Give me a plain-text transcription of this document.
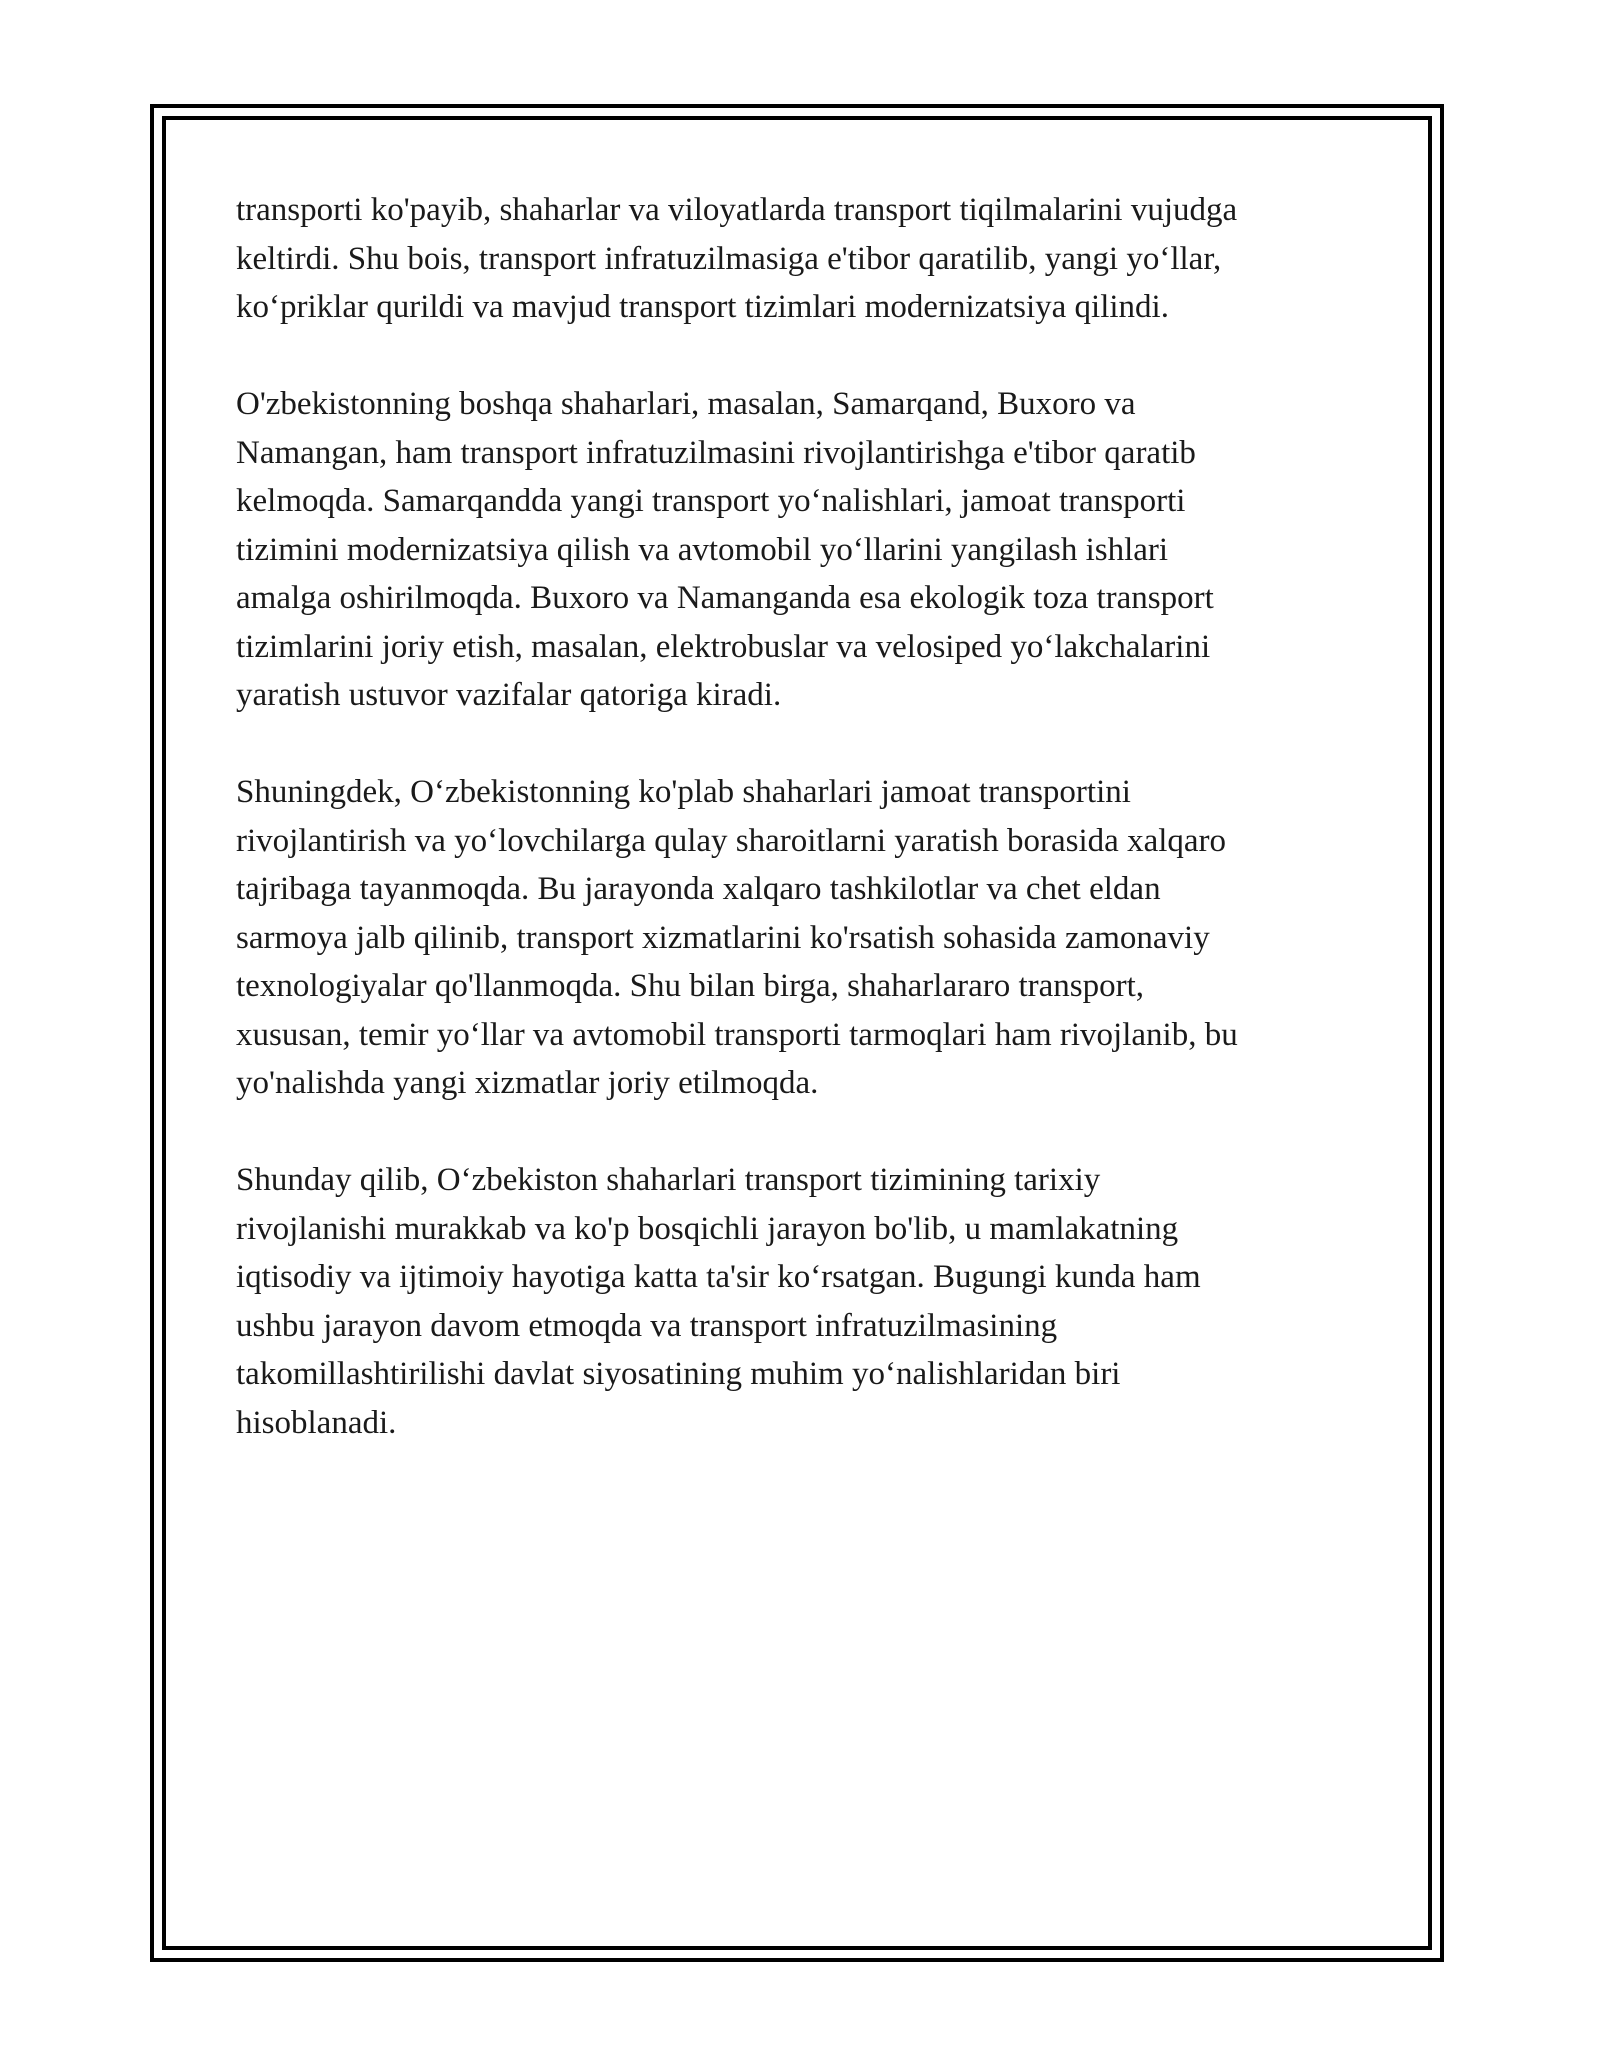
transporti ko'payib, shaharlar va viloyatlarda transport tiqilmalarini vujudga
keltirdi. Shu bois, transport infratuzilmasiga e'tibor qaratilib, yangi yo‘llar,
ko‘priklar qurildi va mavjud transport tizimlari modernizatsiya qilindi.

O'zbekistonning boshqa shaharlari, masalan, Samarqand, Buxoro va
Namangan, ham transport infratuzilmasini rivojlantirishga e'tibor qaratib
kelmoqda. Samarqandda yangi transport yo‘nalishlari, jamoat transporti
tizimini modernizatsiya qilish va avtomobil yo‘llarini yangilash ishlari
amalga oshirilmoqda. Buxoro va Namanganda esa ekologik toza transport
tizimlarini joriy etish, masalan, elektrobuslar va velosiped yo‘lakchalarini
yaratish ustuvor vazifalar qatoriga kiradi.

Shuningdek, O‘zbekistonning ko'plab shaharlari jamoat transportini
rivojlantirish va yo‘lovchilarga qulay sharoitlarni yaratish borasida xalqaro
tajribaga tayanmoqda. Bu jarayonda xalqaro tashkilotlar va chet eldan
sarmoya jalb qilinib, transport xizmatlarini ko'rsatish sohasida zamonaviy
texnologiyalar qo'llanmoqda. Shu bilan birga, shaharlararo transport,
xususan, temir yo‘llar va avtomobil transporti tarmoqlari ham rivojlanib, bu
yo'nalishda yangi xizmatlar joriy etilmoqda.

Shunday qilib, O‘zbekiston shaharlari transport tizimining tarixiy
rivojlanishi murakkab va ko'p bosqichli jarayon bo'lib, u mamlakatning
iqtisodiy va ijtimoiy hayotiga katta ta'sir ko‘rsatgan. Bugungi kunda ham
ushbu jarayon davom etmoqda va transport infratuzilmasining
takomillashtirilishi davlat siyosatining muhim yo‘nalishlaridan biri
hisoblanadi.
